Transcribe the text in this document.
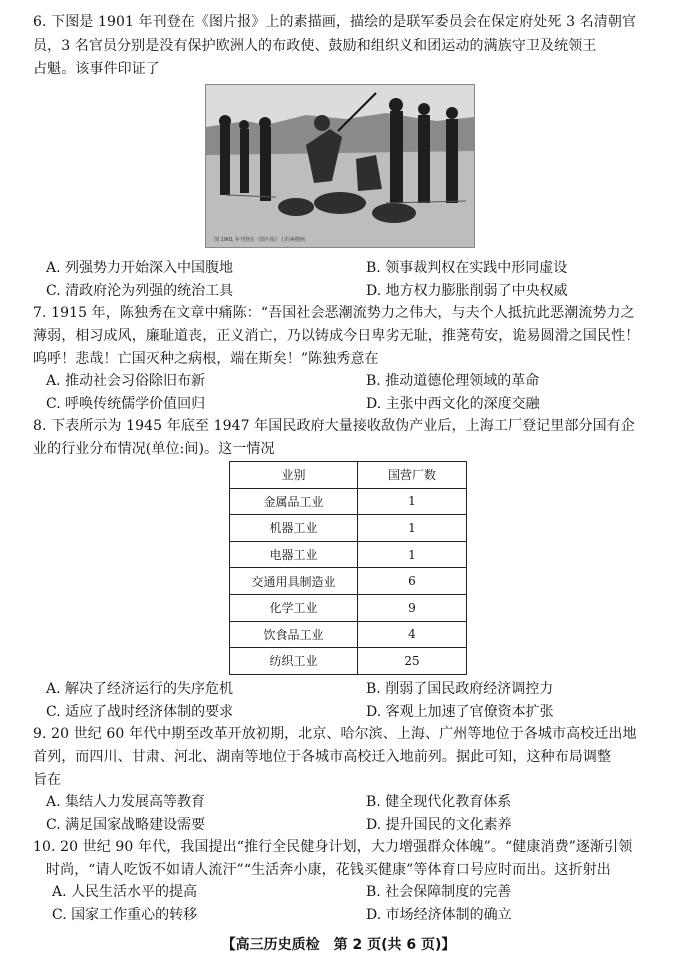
6. 下图是 1901 年刊登在《图片报》上的素描画，描绘的是联军委员会在保定府处死 3 名清朝官
员，3 名官员分别是没有保护欧洲人的布政使、鼓励和组织义和团运动的满族守卫及统领王
占魁。该事件印证了
图 1901 年刊登在《图片报》上的素描画
A. 列强势力开始深入中国腹地	B. 领事裁判权在实践中形同虚设
C. 清政府沦为列强的统治工具	D. 地方权力膨胀削弱了中央权威
7. 1915 年，陈独秀在文章中痛陈：“吾国社会恶潮流势力之伟大，与夫个人抵抗此恶潮流势力之
薄弱，相习成风，廉耻道丧，正义消亡，乃以铸成今日卑劣无耻，推荛苟安，诡易圆滑之国民性！
呜呼！悲哉！亡国灭种之病根，端在斯矣！”陈独秀意在
A. 推动社会习俗除旧布新	B. 推动道德伦理领域的革命
C. 呼唤传统儒学价值回归	D. 主张中西文化的深度交融
8. 下表所示为 1945 年底至 1947 年国民政府大量接收敌伪产业后，上海工厂登记里部分国有企
业的行业分布情况(单位:间)。这一情况
业别	国营厂数
金属品工业	1
机器工业	1
电器工业	1
交通用具制造业	6
化学工业	9
饮食品工业	4
纺织工业	25
A. 解决了经济运行的失序危机	B. 削弱了国民政府经济调控力
C. 适应了战时经济体制的要求	D. 客观上加速了官僚资本扩张
9. 20 世纪 60 年代中期至改革开放初期，北京、哈尔滨、上海、广州等地位于各城市高校迁出地
首列，而四川、甘肃、河北、湖南等地位于各城市高校迁入地前列。据此可知，这种布局调整
旨在
A. 集结人力发展高等教育	B. 健全现代化教育体系
C. 满足国家战略建设需要	D. 提升国民的文化素养
10. 20 世纪 90 年代，我国提出“推行全民健身计划，大力增强群众体魄”。“健康消费”逐渐引领
时尚，“请人吃饭不如请人流汗”“生活奔小康，花钱买健康”等体育口号应时而出。这折射出
A. 人民生活水平的提高	B. 社会保障制度的完善
C. 国家工作重心的转移	D. 市场经济体制的确立
【高三历史质检　第 2 页(共 6 页)】
